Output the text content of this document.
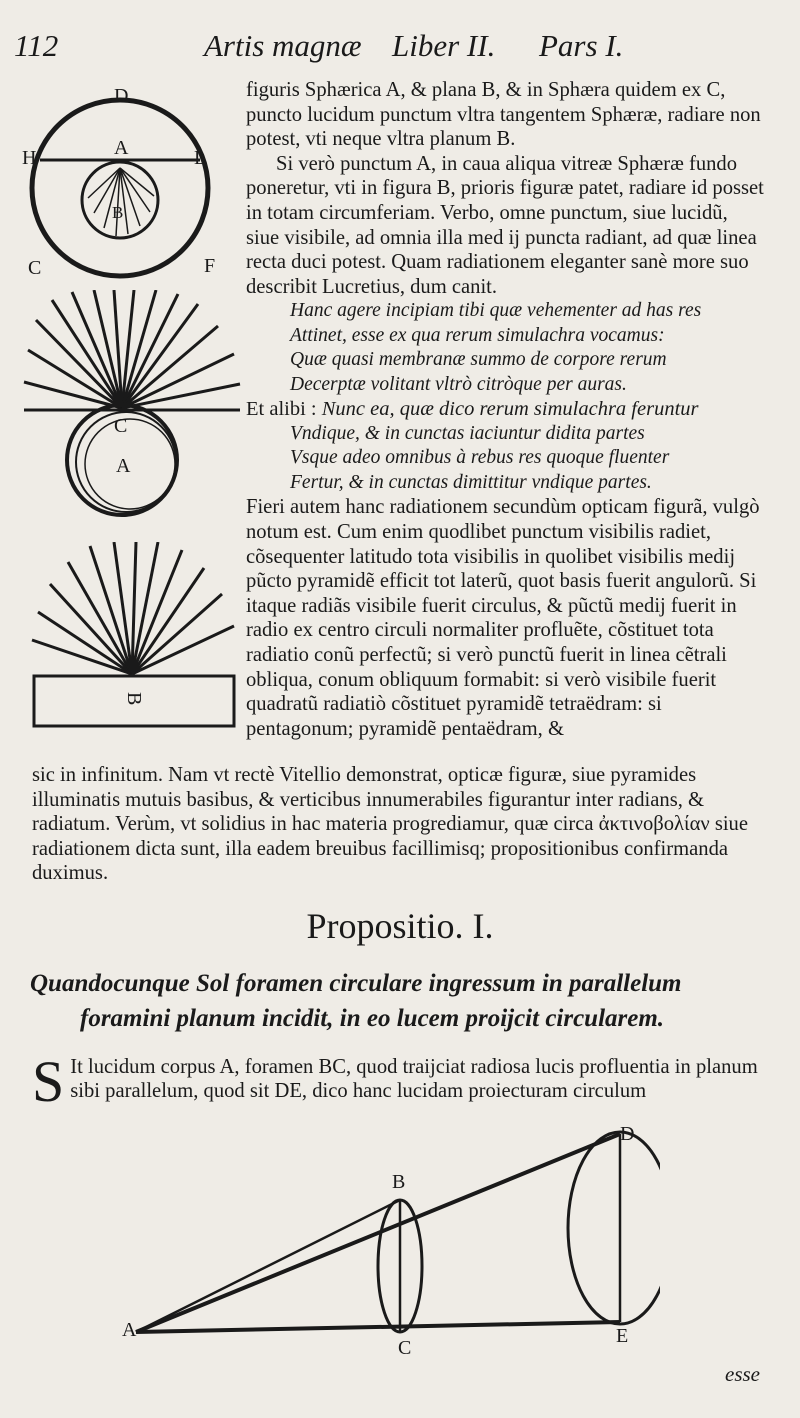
112	Artis magnæ Liber II. Pars I.
D
H	A	L
B
C	F
C
A
B

figuris Sphærica A, & plana B, & in Sphæra quidem ex C, puncto lucidum punctum vltra tangentem Sphæræ, radiare non potest, vti neque vltra planum B.

Si verò punctum A, in caua aliqua vitreæ Sphæræ fundo poneretur, vti in figura B, prioris figuræ patet, radiare id posset in totam circumferiam. Verbo, omne punctum, siue lucidũ, siue visibile, ad omnia illa med ij puncta radiant, ad quæ linea recta duci potest. Quam radiationem eleganter sanè more suo describit Lucretius, dum canit.

Hanc agere incipiam tibi quæ vehementer ad has res

Attinet, esse ex qua rerum simulachra vocamus:

Quæ quasi membranæ summo de corpore rerum

Decerptæ volitant vltrò citròque per auras.

Et alibi : Nunc ea, quæ dico rerum simulachra feruntur

Vndique, & in cunctas iaciuntur didita partes

Vsque adeo omnibus à rebus res quoque fluenter

Fertur, & in cunctas dimittitur vndique partes.

Fieri autem hanc radiationem secundùm opticam figurã, vulgò notum est. Cum enim quodlibet punctum visibilis radiet, cõsequenter latitudo tota visibilis in quolibet visibilis medij pũcto pyramidẽ efficit tot laterũ, quot basis fuerit angulorũ. Si itaque radiãs visibile fuerit circulus, & pũctũ medij fuerit in radio ex centro circuli normaliter profluẽte, cõstituet tota radiatio conũ perfectũ; si verò punctũ fuerit in linea cẽtrali obliqua, conum obliquum formabit: si verò visibile fuerit quadratũ radiatiò cõstituet pyramidẽ tetraëdram: si pentagonum; pyramidẽ pentaëdram, &

sic in infinitum. Nam vt rectè Vitellio demonstrat, opticæ figuræ, siue pyramides illuminatis mutuis basibus, & verticibus innumerabiles figurantur inter radians, & radiatum. Verùm, vt solidius in hac materia progrediamur, quæ circa ἀκτινοβολίαν siue radiationem dicta sunt, illa eadem breuibus facillimisq; propositionibus confirmanda duximus.

Propositio. I.
Quandocunque Sol foramen circulare ingressum in parallelum
foramini planum incidit, in eo lucem proijcit circularem.
S It lucidum corpus A, foramen BC, quod traijciat radiosa lucis profluentia in planum sibi parallelum, quod sit DE, dico hanc lucidam proiecturam circulum
A
B
C
D
E
esse
